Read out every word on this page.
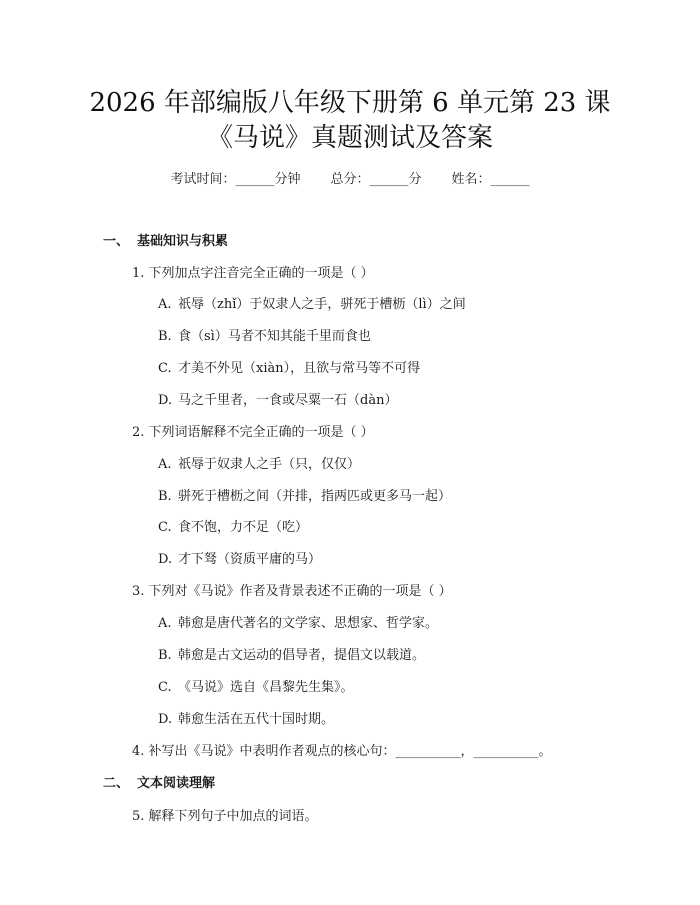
2026 年部编版八年级下册第 6 单元第 23 课
《马说》真题测试及答案
考试时间：______分钟 总分：______分 姓名：______
一、 基础知识与积累
1. 下列加点字注音完全正确的一项是（ ）
A. 祇辱（zhǐ）于奴隶人之手，骈死于槽枥（lì）之间
B. 食（sì）马者不知其能千里而食也
C. 才美不外见（xiàn），且欲与常马等不可得
D. 马之千里者，一食或尽粟一石（dàn）
2. 下列词语解释不完全正确的一项是（ ）
A. 祇辱于奴隶人之手（只，仅仅）
B. 骈死于槽枥之间（并排，指两匹或更多马一起）
C. 食不饱，力不足（吃）
D. 才下驽（资质平庸的马）
3. 下列对《马说》作者及背景表述不正确的一项是（ ）
A. 韩愈是唐代著名的文学家、思想家、哲学家。
B. 韩愈是古文运动的倡导者，提倡文以载道。
C. 《马说》选自《昌黎先生集》。
D. 韩愈生活在五代十国时期。
4. 补写出《马说》中表明作者观点的核心句：__________，__________。
二、 文本阅读理解
5. 解释下列句子中加点的词语。
